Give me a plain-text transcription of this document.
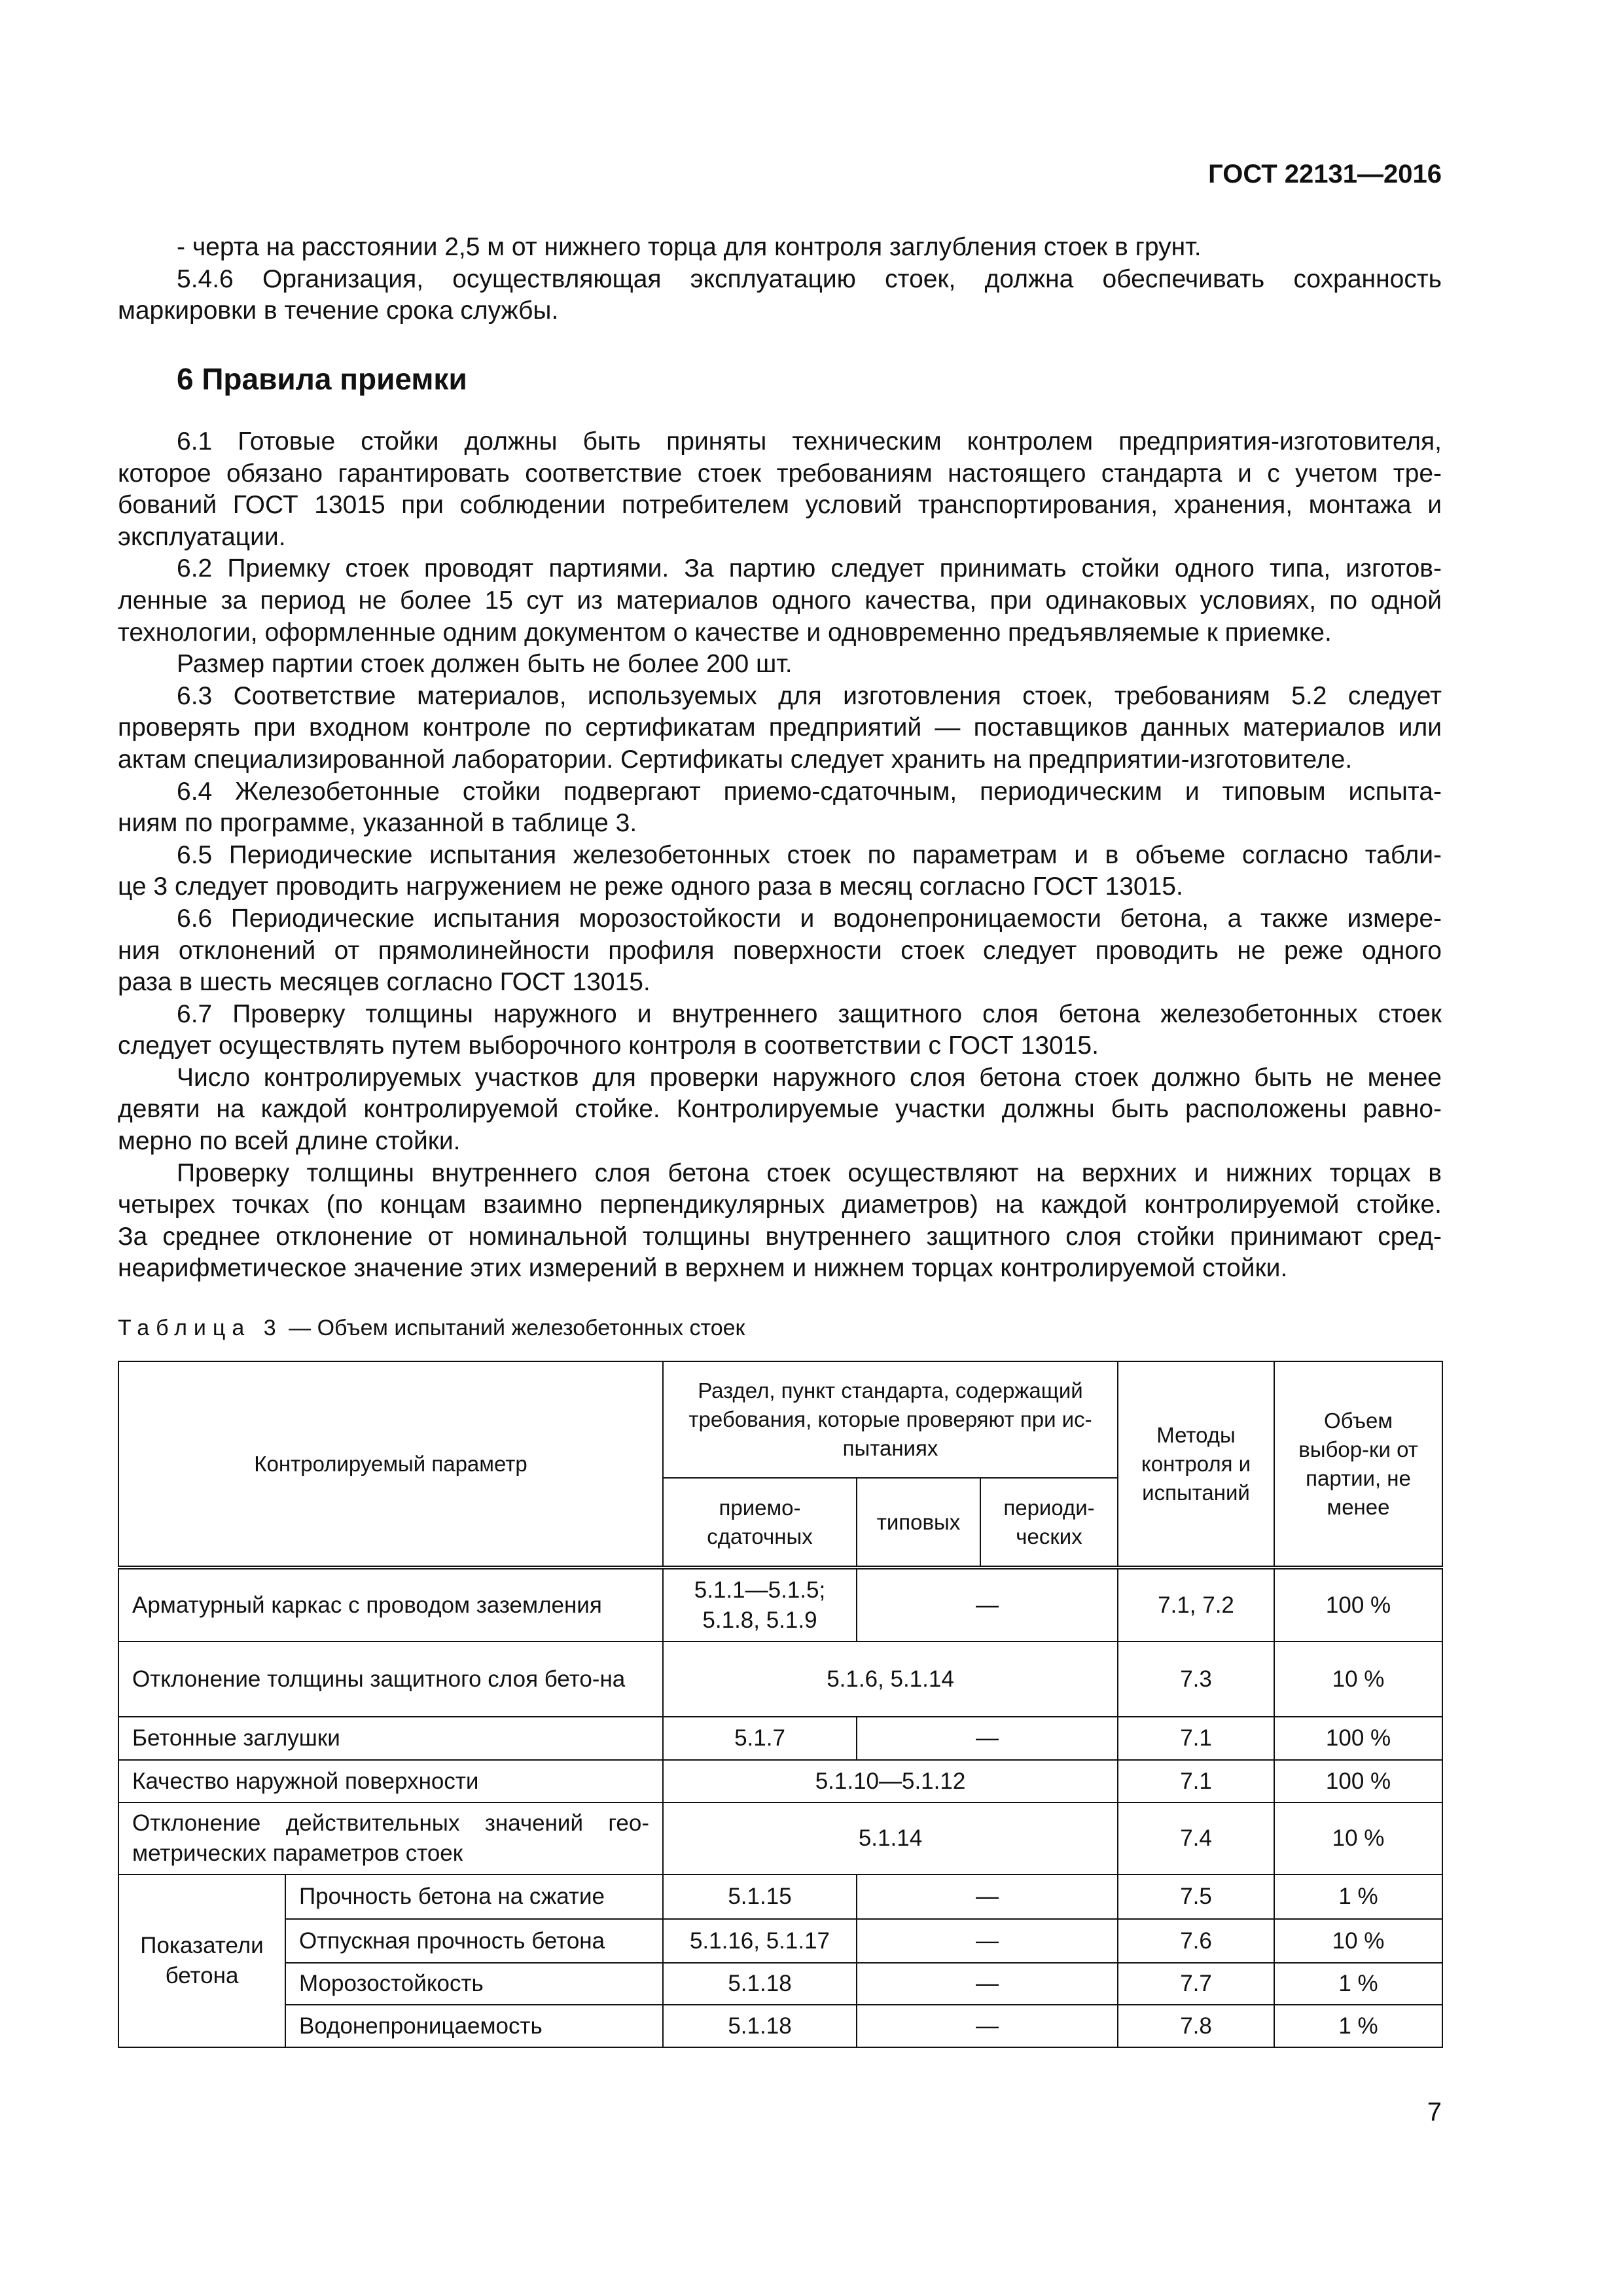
ГОСТ 22131—2016
- черта на расстоянии 2,5 м от нижнего торца для контроля заглубления стоек в грунт.
5.4.6 Организация, осуществляющая эксплуатацию стоек, должна обеспечивать сохранность
маркировки в течение срока службы.
6 Правила приемки
6.1 Готовые стойки должны быть приняты техническим контролем предприятия-изготовителя,
которое обязано гарантировать соответствие стоек требованиям настоящего стандарта и с учетом тре-
бований ГОСТ 13015 при соблюдении потребителем условий транспортирования, хранения, монтажа и
эксплуатации.
6.2 Приемку стоек проводят партиями. За партию следует принимать стойки одного типа, изготов-
ленные за период не более 15 сут из материалов одного качества, при одинаковых условиях, по одной
технологии, оформленные одним документом о качестве и одновременно предъявляемые к приемке.
Размер партии стоек должен быть не более 200 шт.
6.3 Соответствие материалов, используемых для изготовления стоек, требованиям 5.2 следует
проверять при входном контроле по сертификатам предприятий — поставщиков данных материалов или
актам специализированной лаборатории. Сертификаты следует хранить на предприятии-изготовителе.
6.4 Железобетонные стойки подвергают приемо-сдаточным, периодическим и типовым испыта-
ниям по программе, указанной в таблице 3.
6.5 Периодические испытания железобетонных стоек по параметрам и в объеме согласно табли-
це 3 следует проводить нагружением не реже одного раза в месяц согласно ГОСТ 13015.
6.6 Периодические испытания морозостойкости и водонепроницаемости бетона, а также измере-
ния отклонений от прямолинейности профиля поверхности стоек следует проводить не реже одного
раза в шесть месяцев согласно ГОСТ 13015.
6.7 Проверку толщины наружного и внутреннего защитного слоя бетона железобетонных стоек
следует осуществлять путем выборочного контроля в соответствии с ГОСТ 13015.
Число контролируемых участков для проверки наружного слоя бетона стоек должно быть не менее
девяти на каждой контролируемой стойке. Контролируемые участки должны быть расположены равно-
мерно по всей длине стойки.
Проверку толщины внутреннего слоя бетона стоек осуществляют на верхних и нижних торцах в
четырех точках (по концам взаимно перпендикулярных диаметров) на каждой контролируемой стойке.
За среднее отклонение от номинальной толщины внутреннего защитного слоя стойки принимают сред-
неарифметическое значение этих измерений в верхнем и нижнем торцах контролируемой стойки.
Таблица 3 — Объем испытаний железобетонных стоек
Контролируемый параметр		Раздел, пункт стандарта, содержащий требования, которые проверяют при ис-пытаниях			Методы контроля и испытаний	Объем выбор-ки от партии, не менее
		приемо-сдаточных	типовых	периоди-ческих		
Арматурный каркас с проводом заземления		5.1.1—5.1.5; 5.1.8, 5.1.9	—		7.1, 7.2	100 %
Отклонение толщины защитного слоя бето-на		5.1.6, 5.1.14			7.3	10 %
Бетонные заглушки		5.1.7	—		7.1	100 %
Качество наружной поверхности		5.1.10—5.1.12			7.1	100 %
Отклонение действительных значений гео-метрических параметров стоек		5.1.14			7.4	10 %
Показатели бетона	Прочность бетона на сжатие	5.1.15	—		7.5	1 %
	Отпускная прочность бетона	5.1.16, 5.1.17	—		7.6	10 %
	Морозостойкость	5.1.18	—		7.7	1 %
	Водонепроницаемость	5.1.18	—		7.8	1 %
7
